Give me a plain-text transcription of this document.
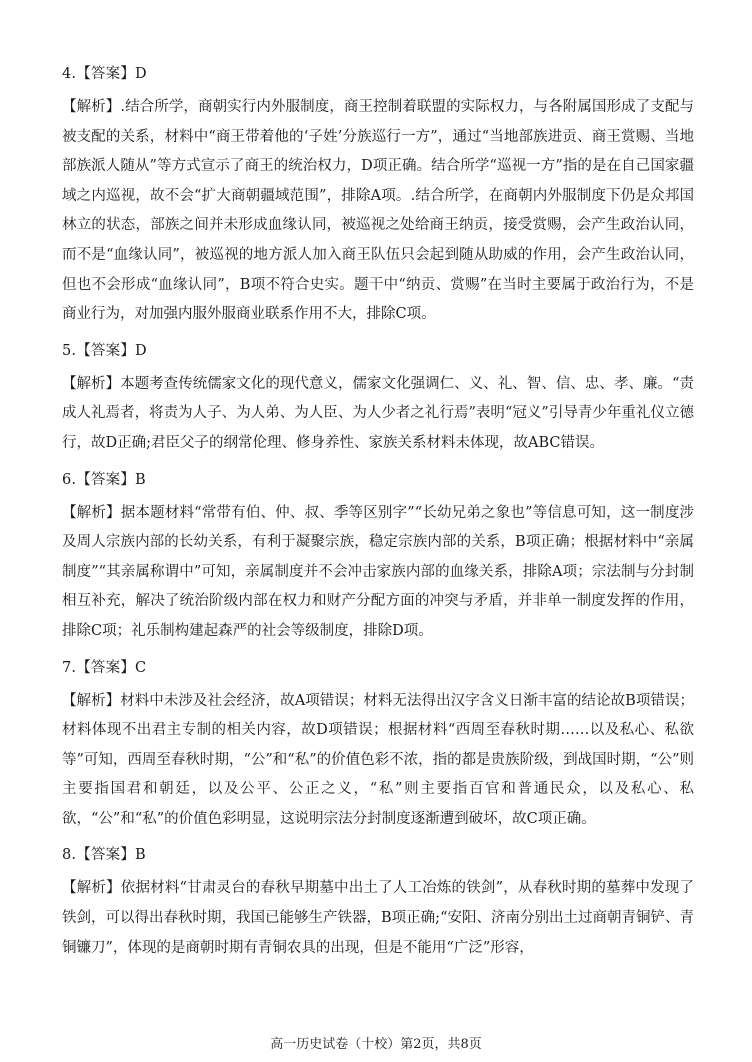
4.【答案】D

【解析】.结合所学，商朝实行内外服制度，商王控制着联盟的实际权力，与各附属国形成了支配与被支配的关系，材料中“商王带着他的‘子姓’分族巡行一方”，通过“当地部族进贡、商王赏赐、当地部族派人随从”等方式宣示了商王的统治权力，D项正确。结合所学“巡视一方”指的是在自己国家疆域之内巡视，故不会“扩大商朝疆域范围”，排除A项。.结合所学，在商朝内外服制度下仍是众邦国林立的状态，部族之间并未形成血缘认同，被巡视之处给商王纳贡，接受赏赐，会产生政治认同，而不是“血缘认同”，被巡视的地方派人加入商王队伍只会起到随从助威的作用，会产生政治认同，但也不会形成“血缘认同”，B项不符合史实。题干中“纳贡、赏赐”在当时主要属于政治行为，不是商业行为，对加强内服外服商业联系作用不大，排除C项。

5.【答案】D

【解析】本题考查传统儒家文化的现代意义，儒家文化强调仁、义、礼、智、信、忠、孝、廉。“责成人礼焉者，将责为人子、为人弟、为人臣、为人少者之礼行焉”表明“冠义”引导青少年重礼仪立德行，故D正确;君臣父子的纲常伦理、修身养性、家族关系材料未体现，故ABC错误。

6.【答案】B

【解析】据本题材料“常带有伯、仲、叔、季等区别字”“长幼兄弟之象也”等信息可知，这一制度涉及周人宗族内部的长幼关系，有利于凝聚宗族，稳定宗族内部的关系，B项正确；根据材料中“亲属制度”“其亲属称谓中”可知，亲属制度并不会冲击家族内部的血缘关系，排除A项；宗法制与分封制相互补充，解决了统治阶级内部在权力和财产分配方面的冲突与矛盾，并非单一制度发挥的作用，排除C项；礼乐制构建起森严的社会等级制度，排除D项。

7.【答案】C

【解析】材料中未涉及社会经济，故A项错误；材料无法得出汉字含义日渐丰富的结论故B项错误；材料体现不出君主专制的相关内容，故D项错误；根据材料“西周至春秋时期……以及私心、私欲等”可知，西周至春秋时期，“公”和“私”的价值色彩不浓，指的都是贵族阶级，到战国时期，“公”则主要指国君和朝廷，以及公平、公正之义，“私”则主要指百官和普通民众，以及私心、私欲，“公”和“私”的价值色彩明显，这说明宗法分封制度逐渐遭到破坏，故C项正确。

8.【答案】B

【解析】依据材料“甘肃灵台的春秋早期墓中出土了人工冶炼的铁剑”，从春秋时期的墓葬中发现了铁剑，可以得出春秋时期，我国已能够生产铁器，B项正确;“安阳、济南分别出土过商朝青铜铲、青铜镰刀”，体现的是商朝时期有青铜农具的出现，但是不能用“广泛”形容，

高一历史试卷（十校）第2页，共8页
